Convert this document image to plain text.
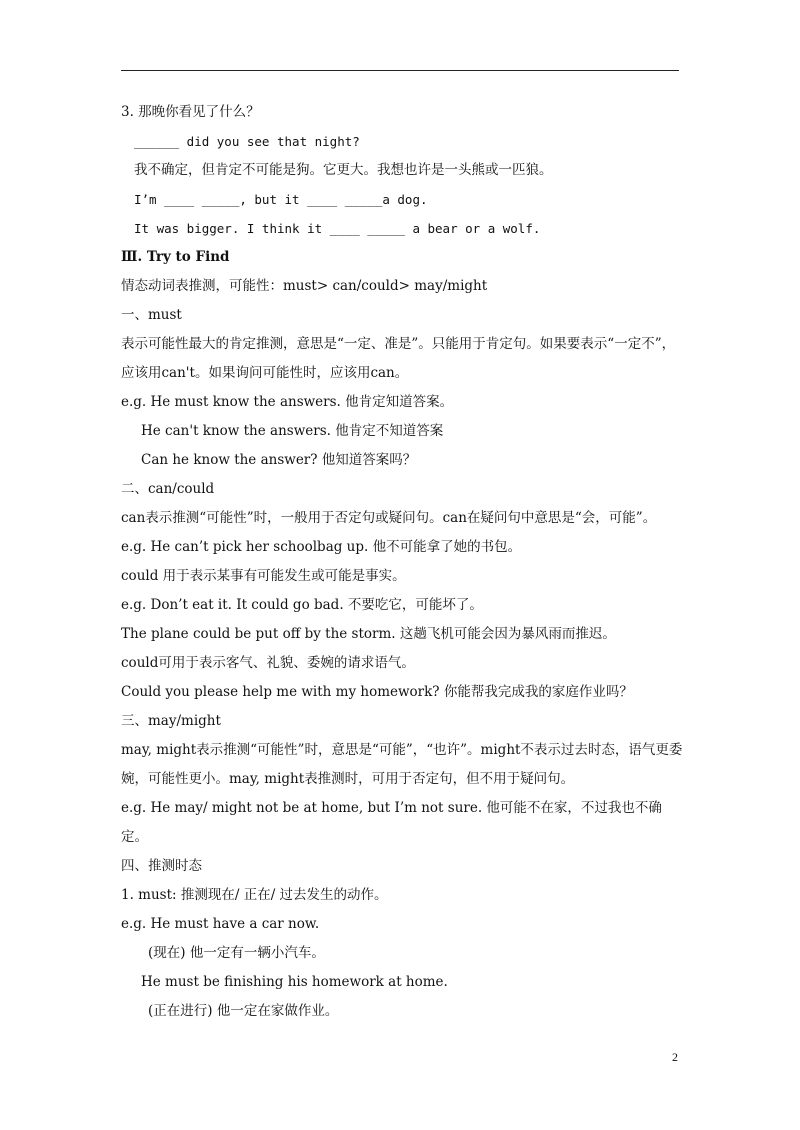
3. 那晚你看见了什么？
______ did you see that night?
我不确定，但肯定不可能是狗。它更大。我想也许是一头熊或一匹狼。
I’m ____ _____, but it ____ _____a dog.
It was bigger. I think it ____ _____ a bear or a wolf.
Ⅲ. Try to Find
情态动词表推测，可能性：must> can/could> may/might
一、must
表示可能性最大的肯定推测，意思是“一定、准是”。只能用于肯定句。如果要表示“一定不”，应该用can't。如果询问可能性时，应该用can。
e.g. He must know the answers. 他肯定知道答案。
He can't know the answers. 他肯定不知道答案
Can he know the answer? 他知道答案吗？
二、can/could
can表示推测“可能性”时，一般用于否定句或疑问句。can在疑问句中意思是“会，可能”。
e.g. He can’t pick her schoolbag up. 他不可能拿了她的书包。
could 用于表示某事有可能发生或可能是事实。
e.g. Don’t eat it. It could go bad. 不要吃它，可能坏了。
The plane could be put off by the storm. 这趟飞机可能会因为暴风雨而推迟。
could可用于表示客气、礼貌、委婉的请求语气。
Could you please help me with my homework? 你能帮我完成我的家庭作业吗？
三、may/might
may, might表示推测“可能性”时，意思是“可能”，“也许”。might不表示过去时态，语气更委婉，可能性更小。may, might表推测时，可用于否定句，但不用于疑问句。
e.g. He may/ might not be at home, but I’m not sure. 他可能不在家，不过我也不确定。
四、推测时态
1. must: 推测现在/ 正在/ 过去发生的动作。
e.g. He must have a car now.
(现在) 他一定有一辆小汽车。
He must be finishing his homework at home.
(正在进行) 他一定在家做作业。
2
